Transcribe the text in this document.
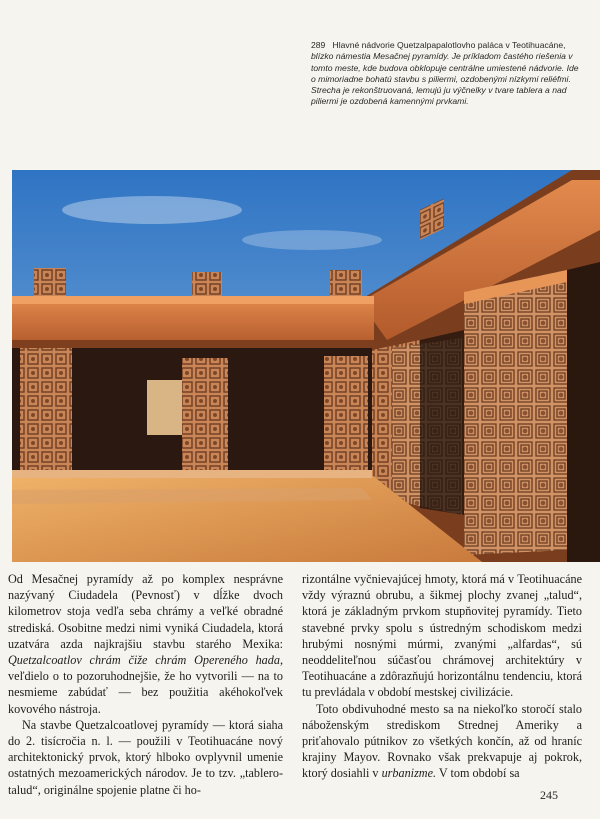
289 Hlavné nádvorie Quetzalpapalotlovho paláca v Teotihuacáne, blízko námestia Mesačnej pyramídy. Je príkladom častého riešenia v tomto meste, kde budova obklopuje centrálne umiestené nádvorie. Ide o mimoriadne bohatú stavbu s piliermi, ozdobenými nízkymi reliéfmi. Strecha je rekonštruovaná, lemujú ju výčnelky v tvare tablera a nad piliermi je ozdobená kamennými prvkami.

Od Mesačnej pyramídy až po komplex nesprávne nazývaný Ciudadela (Pevnosť) v dĺžke dvoch kilometrov stoja vedľa seba chrámy a veľké obradné strediská. Osobitne medzi nimi vyniká Ciudadela, ktorá uzatvára azda najkrajšiu stavbu starého Mexika: Quetzalcoatlov chrám čiže chrám Opereného hada, veľdielo o to pozoruhodnejšie, že ho vytvorili — na to nesmieme zabúdať — bez použitia akéhokoľvek kovového nástroja.

Na stavbe Quetzalcoatlovej pyramídy — ktorá siaha do 2. tisícročia n. l. — použili v Teotihuacáne nový architektonický prvok, ktorý hlboko ovplyvnil umenie ostatných mezoamerických národov. Je to tzv. „tablero-talud“, originálne spojenie platne či ho-

rizontálne vyčnievajúcej hmoty, ktorá má v Teotihuacáne vždy výraznú obrubu, a šikmej plochy zvanej „talud“, ktorá je základným prvkom stupňovitej pyramídy. Tieto stavebné prvky spolu s ústredným schodiskom medzi hrubými nosnými múrmi, zvanými „alfardas“, sú neoddeliteľnou súčasťou chrámovej architektúry v Teotihuacáne a zdôrazňujú horizontálnu tendenciu, ktorá tu prevládala v období mestskej civilizácie.

Toto obdivuhodné mesto sa na niekoľko storočí stalo náboženským strediskom Strednej Ameriky a priťahovalo pútnikov zo všetkých končín, až od hraníc krajiny Mayov. Rovnako však prekvapuje aj pokrok, ktorý dosiahli v urbanizme. V tom období sa

245
